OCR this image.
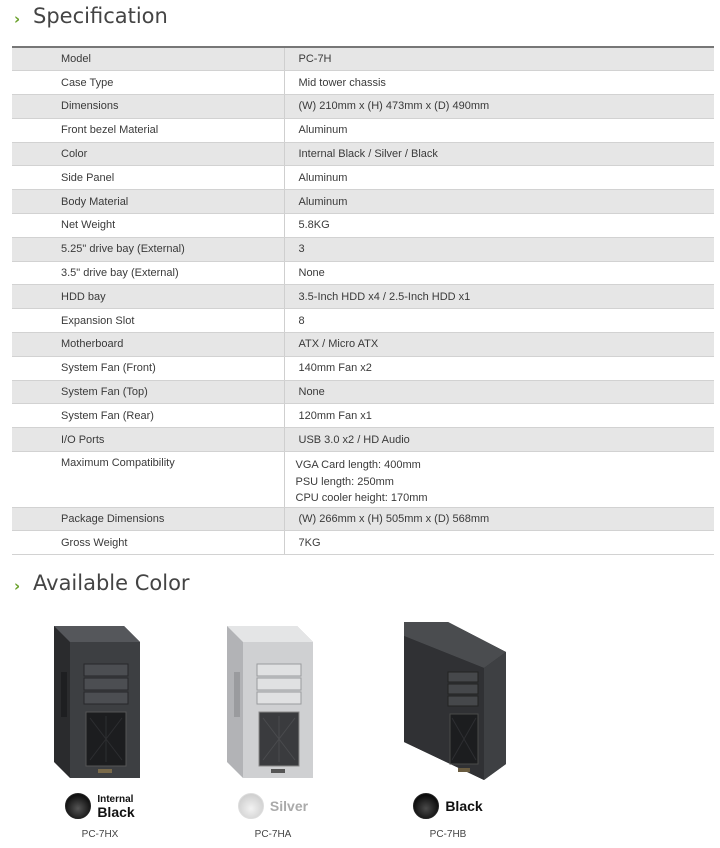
› Specification
Model	PC-7H
Case Type	Mid tower chassis
Dimensions	(W) 210mm x (H) 473mm x (D) 490mm
Front bezel Material	Aluminum
Color	Internal Black / Silver / Black
Side Panel	Aluminum
Body Material	Aluminum
Net Weight	5.8KG
5.25" drive bay (External)	3
3.5" drive bay (External)	None
HDD bay	3.5-Inch HDD x4 / 2.5-Inch HDD x1
Expansion Slot	8
Motherboard	ATX / Micro ATX
System Fan (Front)	140mm Fan x2
System Fan (Top)	None
System Fan (Rear)	120mm Fan x1
I/O Ports	USB 3.0 x2 / HD Audio
Maximum Compatibility	VGA Card length: 400mm
PSU length: 250mm
CPU cooler height: 170mm

Package Dimensions	(W) 266mm x (H) 505mm x (D) 568mm
Gross Weight	7KG
› Available Color
Internal
Black
PC-7HX
Silver
PC-7HA
Black
PC-7HB
